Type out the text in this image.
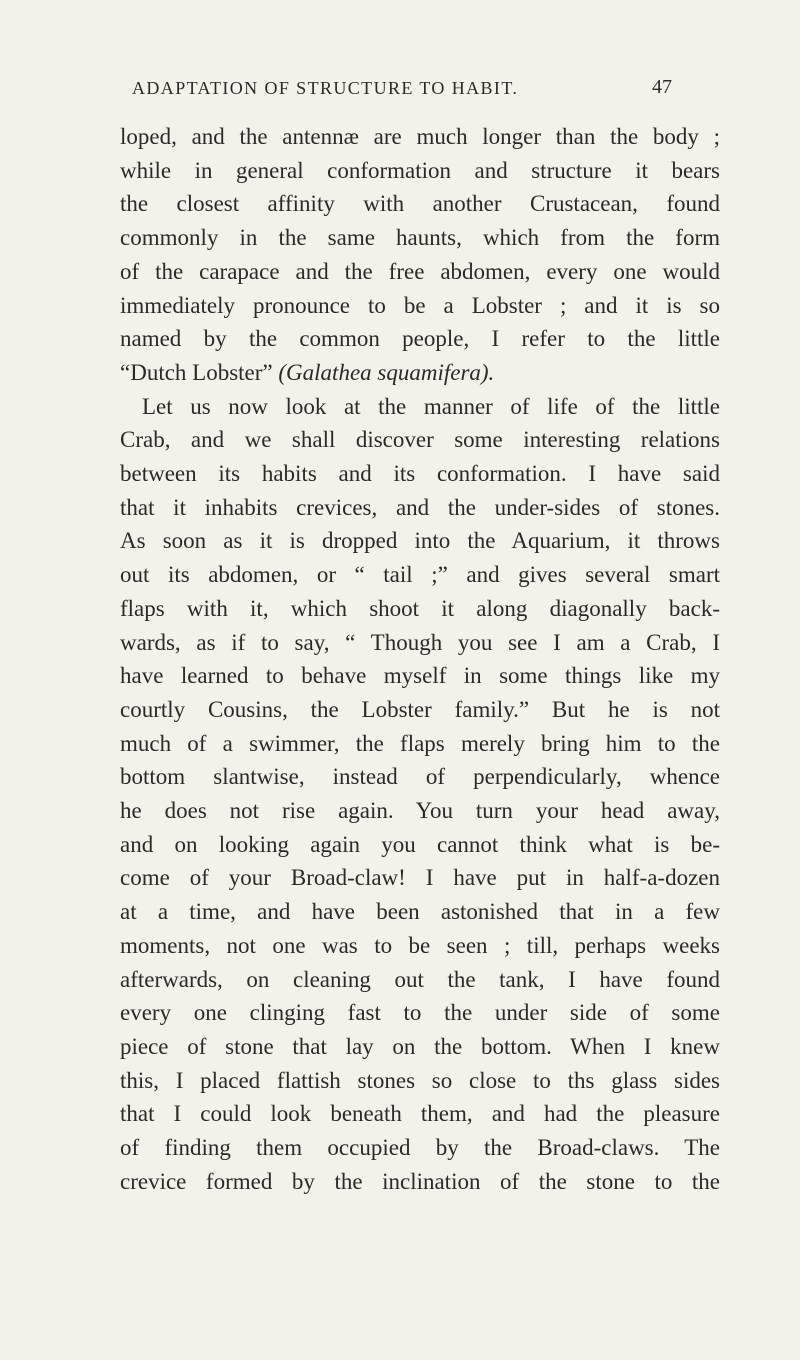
ADAPTATION OF STRUCTURE TO HABIT.	47
loped, and the antennæ are much longer than the body ;
while in general conformation and structure it bears
the closest affinity with another Crustacean, found
commonly in the same haunts, which from the form
of the carapace and the free abdomen, every one would
immediately pronounce to be a Lobster ; and it is so
named by the common people, I refer to the little
“Dutch Lobster” (Galathea squamifera).
Let us now look at the manner of life of the little
Crab, and we shall discover some interesting relations
between its habits and its conformation. I have said
that it inhabits crevices, and the under-sides of stones.
As soon as it is dropped into the Aquarium, it throws
out its abdomen, or “ tail ;” and gives several smart
flaps with it, which shoot it along diagonally back-
wards, as if to say, “ Though you see I am a Crab, I
have learned to behave myself in some things like my
courtly Cousins, the Lobster family.” But he is not
much of a swimmer, the flaps merely bring him to the
bottom slantwise, instead of perpendicularly, whence
he does not rise again. You turn your head away,
and on looking again you cannot think what is be-
come of your Broad-claw! I have put in half-a-dozen
at a time, and have been astonished that in a few
moments, not one was to be seen ; till, perhaps weeks
afterwards, on cleaning out the tank, I have found
every one clinging fast to the under side of some
piece of stone that lay on the bottom. When I knew
this, I placed flattish stones so close to ths glass sides
that I could look beneath them, and had the pleasure
of finding them occupied by the Broad-claws. The
crevice formed by the inclination of the stone to the
